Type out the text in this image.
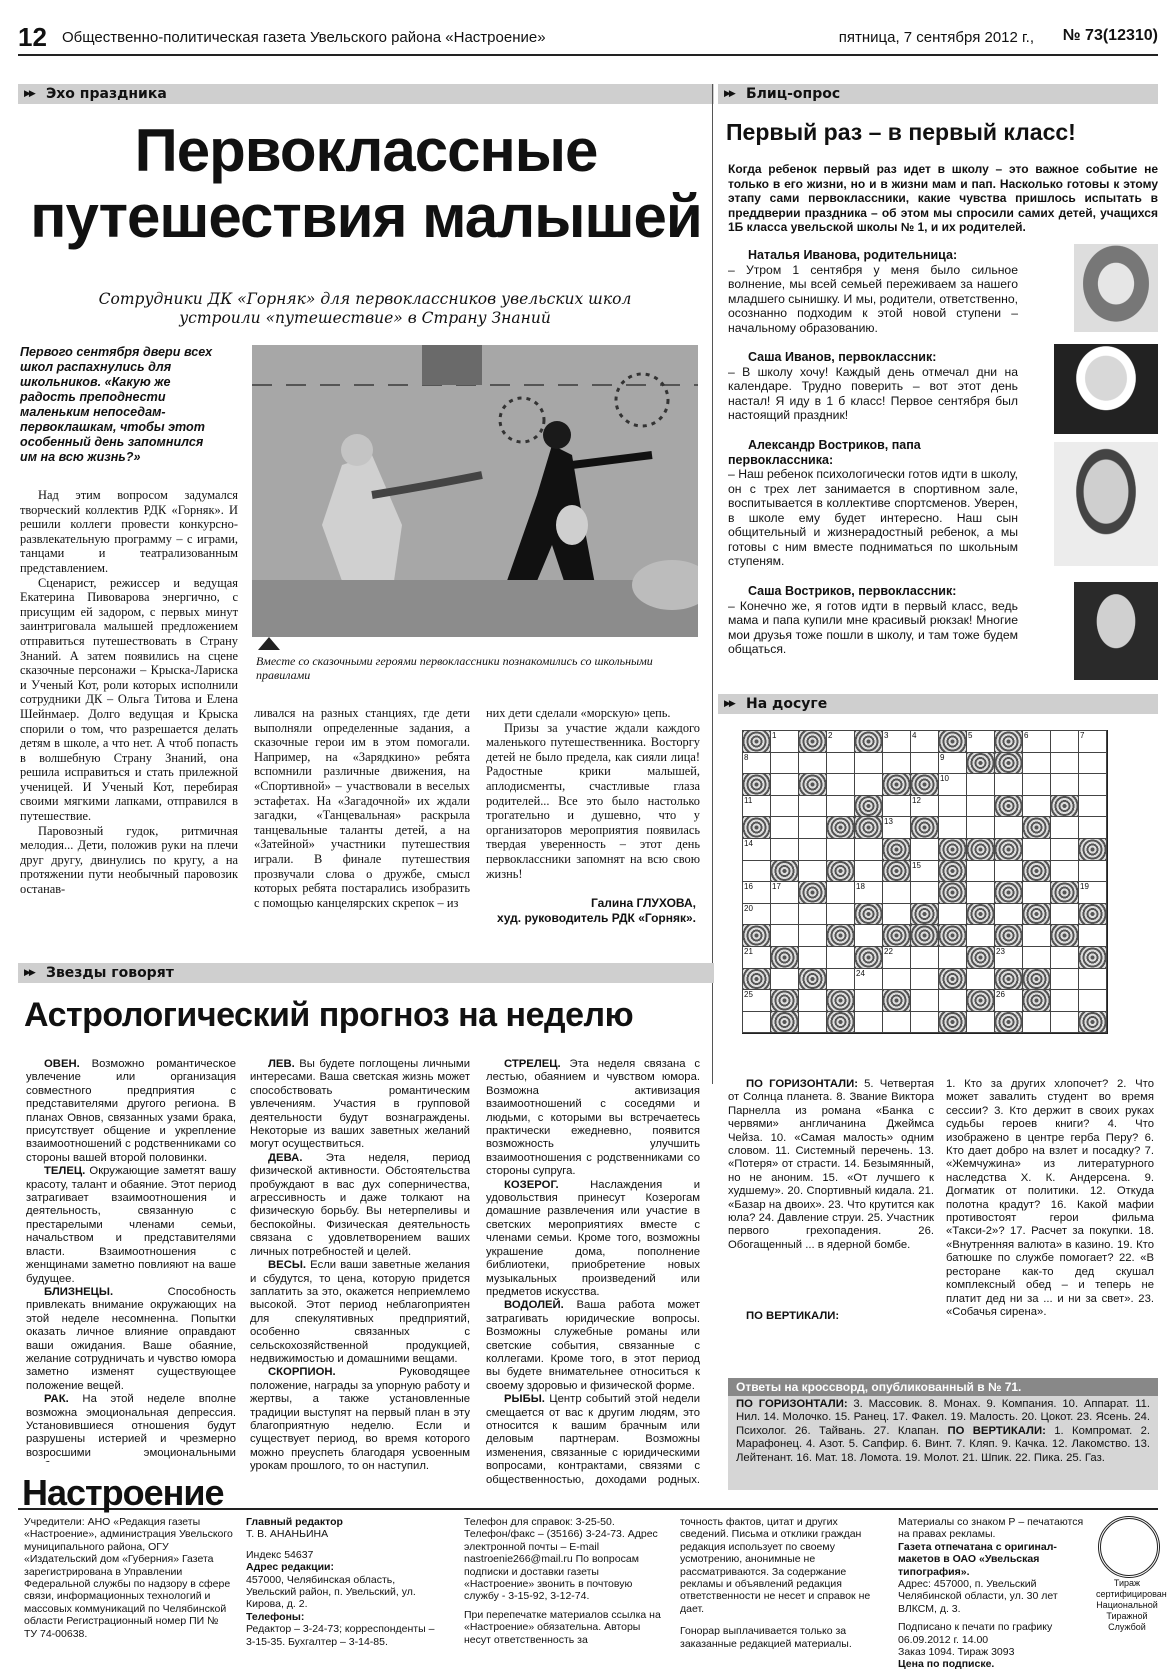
12 Общественно-политическая газета Увельского района «Настроение»	пятница, 7 сентября 2012 г., № 73(12310)
▶▶ Эхо праздника
Первоклассные
путешествия малышей
Сотрудники ДК «Горняк» для первоклассников увельских школ устроили «путешествие» в Страну Знаний
Первого сентября двери всех школ распахнулись для школьников. «Какую же радость преподнести маленьким непоседам-первоклашкам, чтобы этот особенный день запомнился им на всю жизнь?»
Вместе со сказочными героями первоклассники познакомились со школьными правилами

Над этим вопросом задумался творческий коллектив РДК «Горняк». И решили коллеги провести конкурсно-развлекательную программу – с играми, танцами и театрализованным представлением.

Сценарист, режиссер и ведущая Екатерина Пивоварова энергично, с присущим ей задором, с первых минут заинтриговала малышей предложением отправиться путешествовать в Страну Знаний. А затем появились на сцене сказочные персонажи – Крыска-Лариска и Ученый Кот, роли которых исполнили сотрудники ДК – Ольга Титова и Елена Шейнмаер. Долго ведущая и Крыска спорили о том, что разрешается делать детям в школе, а что нет. А чтоб попасть в волшебную Страну Знаний, она решила исправиться и стать прилежной ученицей. И Ученый Кот, перебирая своими мягкими лапками, отправился в путешествие.

Паровозный гудок, ритмичная мелодия... Дети, положив руки на плечи друг другу, двинулись по кругу, а на протяжении пути необычный паровозик останав-

ливался на разных станциях, где дети выполняли определенные задания, а сказочные герои им в этом помогали. Например, на «Зарядкино» ребята вспомнили различные движения, на «Спортивной» – участвовали в веселых эстафетах. На «Загадочной» их ждали загадки, «Танцевальная» раскрыла танцевальные таланты детей, а на «Затейной» участники путешествия играли. В финале путешествия прозвучали слова о дружбе, смысл которых ребята постарались изобразить с помощью канцелярских скрепок – из

них дети сделали «морскую» цепь.

Призы за участие ждали каждого маленького путешественника. Восторгу детей не было предела, как сияли лица! Радостные крики малышей, аплодисменты, счастливые глаза родителей... Все это было настолько трогательно и душевно, что у организаторов мероприятия появилась твердая уверенность – этот день первоклассники запомнят на всю свою жизнь!

Галина ГЛУХОВА,
худ. руководитель РДК «Горняк».
▶▶ Блиц-опрос
Первый раз – в первый класс!
Когда ребенок первый раз идет в школу – это важное событие не только в его жизни, но и в жизни мам и пап. Насколько готовы к этому этапу сами первоклассники, какие чувства пришлось испытать в преддверии праздника – об этом мы спросили самих детей, учащихся 1Б класса увельской школы № 1, и их родителей.
Наталья Иванова, родительница:
– Утром 1 сентября у меня было сильное волнение, мы всей семьей переживаем за нашего младшего сынишку. И мы, родители, ответственно, осознанно подходим к этой новой ступени – начальному образованию.
Саша Иванов, первоклассник:
– В школу хочу! Каждый день отмечал дни на календаре. Трудно поверить – вот этот день настал! Я иду в 1 б класс! Первое сентября был настоящий праздник!
Александр Востриков, папа первоклассника:
– Наш ребенок психологически готов идти в школу, он с трех лет занимается в спортивном зале, воспитывается в коллективе спортсменов. Уверен, в школе ему будет интересно. Наш сын общительный и жизнерадостный ребенок, а мы готовы с ним вместе подниматься по школьным ступеням.
Саша Востриков, первоклассник:
– Конечно же, я готов идти в первый класс, ведь мама и папа купили мне красивый рюкзак! Многие мои друзья тоже пошли в школу, и там тоже будем общаться.
▶▶ На досуге
1	2	3	4	5	6	7
8	9
10
11	12
13
14
15
16 17	18	19
20
21	22	23
24
25	26

ПО ГОРИЗОНТАЛИ: 5. Четвертая от Солнца планета. 8. Звание Виктора Парнелла из романа «Банка с червями» англичанина Джеймса Чейза. 10. «Самая малость» одним словом. 11. Системный перечень. 13. «Потеря» от страсти. 14. Безымянный, но не аноним. 15. «От лучшего к худшему». 20. Спортивный кидала. 21. «Базар на двоих». 23. Что крутится как юла? 24. Давление струи. 25. Участник первого грехопадения. 26. Обогащенный ... в ядерной бомбе.

ПО ВЕРТИКАЛИ:

1. Кто за других хлопочет? 2. Что может завалить студент во время сессии? 3. Кто держит в своих руках судьбы героев книги? 4. Что изображено в центре герба Перу? 6. Кто дает добро на взлет и посадку? 7. «Жемчужина» из литературного наследства Х. К. Андерсена. 9. Догматик от политики. 12. Откуда полотна крадут? 16. Какой мафии противостоят герои фильма «Такси-2»? 17. Расчет за покупки. 18. «Внутренняя валюта» в казино. 19. Кто батюшке по службе помогает? 22. «В ресторане как-то дед скушал комплексный обед – и теперь не платит дед ни за ... и ни за свет». 23. «Собачья сирена».

Ответы на кроссворд, опубликованный в № 71.
ПО ГОРИЗОНТАЛИ: 3. Массовик. 8. Монах. 9. Компания. 10. Аппарат. 11. Нил. 14. Молочко. 15. Ранец. 17. Факел. 19. Малость. 20. Цокот. 23. Ясень. 24. Психолог. 26. Тайвань. 27. Клапан. ПО ВЕРТИКАЛИ: 1. Компромат. 2. Марафонец. 4. Азот. 5. Сапфир. 6. Винт. 7. Кляп. 9. Качка. 12. Лакомство. 13. Лейтенант. 16. Мат. 18. Ломота. 19. Молот. 21. Шпик. 22. Пика. 25. Газ.
▶▶ Звезды говорят
Астрологический прогноз на неделю

ОВЕН. Возможно романтическое увлечение или организация совместного предприятия с представителями другого региона. В планах Овнов, связанных узами брака, присутствует общение и укрепление взаимоотношений с родственниками со стороны вашей второй половинки.

ТЕЛЕЦ. Окружающие заметят вашу красоту, талант и обаяние. Этот период затрагивает взаимоотношения и деятельность, связанную с престарелыми членами семьи, начальством и представителями власти. Взаимоотношения с женщинами заметно повлияют на ваше будущее.

БЛИЗНЕЦЫ.	Способность привлекать внимание окружающих на этой неделе несомненна. Попытки оказать личное влияние оправдают ваши ожидания. Ваше обаяние, желание сотрудничать и чувство юмора заметно изменят существующее положение вещей.

РАК. На этой неделе вполне возможна эмоциональная депрессия. Установившиеся отношения будут разрушены истерией и чрезмерно возросшими эмоциональными

ЛЕВ. Вы будете поглощены личными интересами. Ваша светская жизнь может способствовать романтическим увлечениям. Участия в групповой деятельности будут вознаграждены. Некоторые из ваших заветных желаний могут осуществиться.

ДЕВА. Эта неделя, период физической активности. Обстоятельства пробуждают в вас дух соперничества, агрессивность и даже толкают на физическую борьбу. Вы нетерпеливы и беспокойны. Физическая деятельность связана с удовлетворением ваших личных потребностей и целей.

ВЕСЫ. Если ваши заветные желания и сбудутся, то цена, которую придется заплатить за это, окажется неприемлемо высокой. Этот период неблагоприятен для спекулятивных предприятий, особенно связанных с сельскохозяйственной продукцией, недвижимостью и домашними вещами.

СКОРПИОН.	Руководящее положение, награды за упорную работу и жертвы, а также установленные традиции выступят на первый план в эту благоприятную неделю. Если и существует период, во время которого можно преуспеть благодаря усвоенным урокам прошлого, то он наступил.

СТРЕЛЕЦ. Эта неделя связана с лестью, обаянием и чувством юмора. Возможна активизация взаимоотношений с соседями и людьми, с которыми вы встречаетесь практически ежедневно, появится возможность улучшить взаимоотношения с родственниками со стороны супруга.

КОЗЕРОГ.	Наслаждения и удовольствия принесут Козерогам домашние развлечения или участие в светских мероприятиях вместе с членами семьи. Кроме того, возможны украшение дома, пополнение библиотеки, приобретение новых музыкальных произведений или предметов искусства.

ВОДОЛЕЙ. Ваша работа может затрагивать юридические вопросы. Возможны служебные романы или светские события, связанные с коллегами. Кроме того, в этот период вы будете внимательнее относиться к своему здоровью и физической форме.

РЫБЫ. Центр событий этой недели смещается от вас к другим людям, это относится к вашим брачным или деловым партнерам. Возможны изменения, связанные с юридическими вопросами, контрактами, связями с общественностью, доходами родных.

Настроение
Учредители: АНО «Редакция газеты «Настроение», администрация Увельского муниципального района, ОГУ «Издательский дом «Губерния» Газета зарегистрирована в Управлении Федеральной службы по надзору в сфере связи, информационных технологий и массовых коммуникаций по Челябинской области Регистрационный номер ПИ № ТУ 74-00638.
Главный редактор
Т. В. АНАНЬИНА
Индекс 54637
Адрес редакции:
457000, Челябинская область, Увельский район, п. Увельский, ул. Кирова, д. 2.
Телефоны:
Редактор – 3-24-73; корреспонденты – 3-15-35. Бухгалтер – 3-14-85.
Телефон для справок: 3-25-50. Телефон/факс – (35166) 3-24-73. Адрес электронной почты – E-mail nastroenie266@mail.ru По вопросам подписки и доставки газеты «Настроение» звонить в почтовую службу - 3-15-92, 3-12-74.
При перепечатке материалов ссылка на «Настроение» обязательна. Авторы несут ответственность за
точность фактов, цитат и других сведений. Письма и отклики граждан редакция использует по своему усмотрению, анонимные не рассматриваются. За содержание рекламы и объявлений редакция ответственности не несет и справок не дает.
Гонорар выплачивается только за заказанные редакцией материалы.
Материалы со знаком Р – печатаются на правах рекламы.
Газета отпечатана с оригинал-макетов в ОАО «Увельская типография».
Адрес: 457000, п. Увельский Челябинской области, ул. 30 лет ВЛКСМ, д. 3.
Подписано к печати по графику 06.09.2012 г. 14.00
Заказ 1094. Тираж 3093
Цена по подписке.
Тираж сертифицирован Национальной Тиражной Службой
